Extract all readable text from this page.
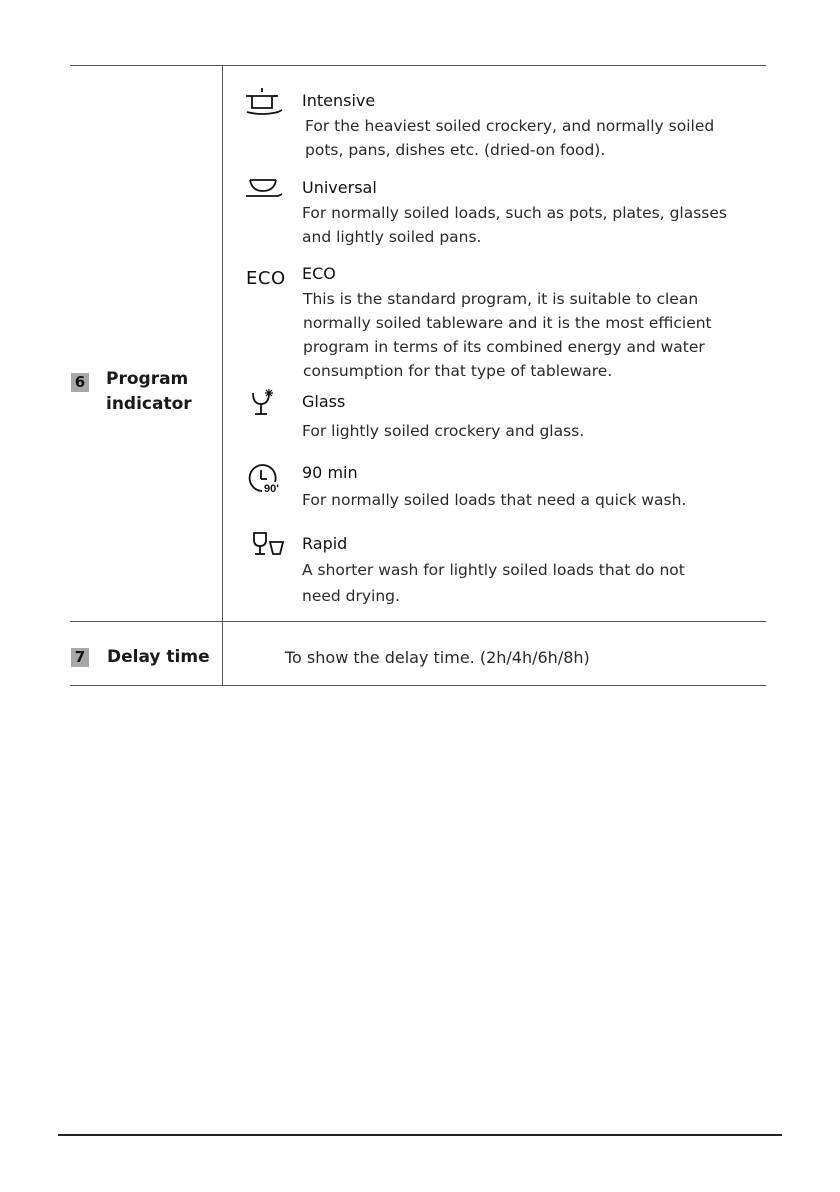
6 Program
indicator
Intensive
For the heaviest soiled crockery, and normally soiled
pots, pans, dishes etc. (dried-on food).
Universal
For normally soiled loads, such as pots, plates, glasses
and lightly soiled pans.
ECO ECO
This is the standard program, it is suitable to clean
normally soiled tableware and it is the most efficient
program in terms of its combined energy and water
consumption for that type of tableware.
Glass
For lightly soiled crockery and glass.
90'
90 min
For normally soiled loads that need a quick wash.
Rapid
A shorter wash for lightly soiled loads that do not
need drying.
7 Delay time	To show the delay time. (2h/4h/6h/8h)
